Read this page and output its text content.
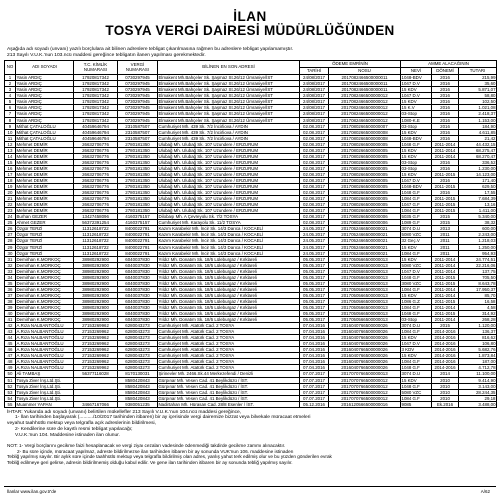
İLAN
TOSYA VERGİ DAİRESİ MÜDÜRLÜĞÜNDEN
Aşağıda adı soyadı (unvanı) yazılı borçlulara ait bilinen adreslere tebligat çıkarılmasına rağmen bu adreslere tebligat yapılamamıştır.
213 Sayılı V.U.K.'nun 103.ncü maddesi gereğince tebligatın ilanen yapılması gerekmektedir.
NO	ADI SOYADI	T.C. KİMLİK NUMARASI	VERGİ NUMARASI	BİLİNEN EN SON ADRESİ	ÖDEME EMRİNİN		AMME ALACAĞININ		
					TARİHİ	NOSU	NEVİ	DÖNEMİ	TUTARI
1	Yasin ARDIÇ	17920817342	0730297945	Elmakent Mh.Bahçeler Sk. Şaşmaz St.26/12 Ümraniye/İST	24/08/2017	2017082466500000011	1048-BDV	2016	215,99
2	Yasin ARDIÇ	17920817342	0730297945	Elmakent Mh.Bahçeler Sk. Şaşmaz St.26/12 Ümraniye/İST	24/08/2017	2017082466500000011	1047 D.V	2016	35,60
3	Yasin ARDIÇ	17920817342	0730297945	Elmakent Mh.Bahçeler Sk. Şaşmaz St.26/12 Ümraniye/İST	24/08/2017	2017082466500000011	15 KDV	2016	5.871,07
4	Yasin ARDIÇ	17920817342	0730297945	Elmakent Mh.Bahçeler Sk. Şaşmaz St.26/12 Ümraniye/İST	24/08/2017	2017082466500000012	1047 D.V	2016	58,80
5	Yasin ARDIÇ	17920817342	0730297945	Elmakent Mh.Bahçeler Sk. Şaşmaz St.26/12 Ümraniye/İST	24/08/2017	2017082466500000012	15 KDV	2016	102,50
6	Yasin ARDIÇ	17920817342	0730297945	Elmakent Mh.Bahçeler Sk. Şaşmaz St.26/12 Ümraniye/İST	24/08/2017	2017082466500000012	15 K.V	2016	1.021,08
7	Yasin ARDIÇ	17920817342	0730297945	Elmakent Mh.Bahçeler Sk. Şaşmaz St.26/12 Ümraniye/İST	24/08/2017	2017082466500000012	03-Stop	2016	2.418,37
8	Yasin ARDIÇ	17920817342	0730297945	Elmakent Mh.Bahçeler Sk. Şaşmaz St.26/12 Ümraniye/İST	24/08/2017	2017082466500000012	1080-K.E	2016	1.153,00
9	Mithat ÇATALOĞLU	40459646794	2310587507	Cumhuriyet Mh. 439 Sk. 7/2 İncirliova / AYDIN	02.08.2017	2017080266500000007	03-Stop	2016	184,90
10	Mithat ÇATALOĞLU	40459646794	2310587507	Cumhuriyet Mh. 439 Sk. 7/2 İncirliova / AYDIN	02.08.2017	2017080266500000008	15 KDV	2016	4.611,85
11	Mithat ÇATALOĞLU	40459646794	2310587507	Cumhuriyet Mh. 439 Sk. 7/2 İncirliova / AYDIN	02.08.2017	2017080266500000008	1048-BDV	2016	21,42
12	Mehmet DEMİR	26632706776	2780181350	Ulubağ Mh. Ulubağ Sk. 107 Uzundere / ERZURUM	02.08.2017	2017080266500000005	1048 G.F	2011-2014	44.432,15
13	Mehmet DEMİR	26632706776	2780181350	Ulubağ Mh. Ulubağ Sk. 107 Uzundere / ERZURUM	02.08.2017	2017080266500000005	15 KDV	2011-2014	68.275,47
14	Mehmet DEMİR	26632706776	2780181350	Ulubağ Mh. Ulubağ Sk. 107 Uzundere / ERZURUM	02.08.2017	2017080266500000005	15 KDV	2011-2014	68.270,47
15	Mehmet DEMİR	26632706776	2780181350	Ulubağ Mh. Ulubağ Sk. 107 Uzundere / ERZURUM	02.08.2017	2017080266500000005	03-Stop	2016	336,52
16	Mehmet DEMİR	26632706776	2780181350	Ulubağ Mh. Ulubağ Sk. 107 Uzundere / ERZURUM	02.08.2017	2017080266500000005	03-Stop	2016	1.230,00
17	Mehmet DEMİR	26632706776	2780181350	Ulubağ Mh. Ulubağ Sk. 107 Uzundere / ERZURUM	02.08.2017	2017080266500000005	15 KDV	2011-2015	14.123,00
18	Mehmet DEMİR	26632706776	2780181350	Ulubağ Mh. Ulubağ Sk. 107 Uzundere / ERZURUM	02.08.2017	2017080266500000005	1047 D.V	2016	171,40
19	Mehmet DEMİR	26632706776	2780181350	Ulubağ Mh. Ulubağ Sk. 107 Uzundere / ERZURUM	02.08.2017	2017080266500000005	1048-BDV	2011-2015	629,50
20	Mehmet DEMİR	26632706776	2780181350	Ulubağ Mh. Ulubağ Sk. 107 Uzundere / ERZURUM	02.08.2017	2017080266500000005	1048 G.F	2016	17,55
21	Mehmet DEMİR	26632706776	2780181350	Ulubağ Mh. Ulubağ Sk. 107 Uzundere / ERZURUM	02.08.2017	2017080266500000005	1084 G.F	2011-2015	7.684,39
22	Mehmet DEMİR	26632706776	2780181350	Ulubağ Mh. Ulubağ Sk. 107 Uzundere / ERZURUM	02.08.2017	2017080266500000005	1047 G.F	2011-2015	13,16
23	Mehmet DEMİR	26632706776	2780181350	Ulubağ Mh. Ulubağ Sk. 107 Uzundere / ERZURUM	02.08.2017	2017080266500000005	1084 G.F	2011-2015	1.411,00
24	Burhan GEZER	13427458096	4160375157	Dilobaşı Mh. A Çevreyolu Sk. 7/2 TOSYA	02.08.2017	2017080266500000006	5035 G.F	2015	5.340,00
25	Ahmet GEZER	56372391254	4160375157	Cumhuriyet Mh. Karayolu Sk. 11/2 TOSYA	02.08.2017	2017080266500000006	1089 G.F	2015	38,32
26	Özgür TERZİ	11312618722	8400022791	Kazım Karabekir Mh. İncir Sk. 14/3 Darıca / KOCAELİ	24.05.2017	2017052466500000021	3074 D.U	2013	600,00
27	Özgür TERZİ	11312618722	8400022791	Kazım Karabekir Mh. İncir Sk. 14/3 Darıca / KOCAELİ	24.05.2017	2017052466500000021	5080 VZC	2011	2.243,00
28	Özgür TERZİ	11312618722	8400022791	Kazım Karabekir Mh. İncir Sk. 14/3 Darıca / KOCAELİ	24.05.2017	2017052466500000021	32 Geç.V	2011	1.218,03
29	Özgür TERZİ	11312618722	8400022791	Kazım Karabekir Mh. İncir Sk. 14/3 Darıca / KOCAELİ	24.05.2017	2017052466500000021	15 KDV	2011	1.250,00
30	Özgür TERZİ	11312618722	8400022791	Kazım Karabekir Mh. İncir Sk. 14/3 Darıca / KOCAELİ	24.05.2017	2017052466500000021	1084 G.F	2011	954,93
31	Demirhan K.MORKOÇ	38980292900	6040037830	Yıldız Mh. Donatım Sk. 18/5 Lüleburgaz / Kırklareli	05.05.2017	2017050566500000013	15 KDV	2011-2014	24.774,51
32	Demirhan K.MORKOÇ	38980292900	6040037830	Yıldız Mh. Donatım Sk. 18/5 Lüleburgaz / Kırklareli	05.05.2017	2017050566500000013	5080 VZC	2011-2014	22.216,06
33	Demirhan K.MORKOÇ	38980292900	6040037830	Yıldız Mh. Donatım Sk. 18/5 Lüleburgaz / Kırklareli	05.05.2017	2017050566500000013	1047 D.V	2011-2014	137,75
34	Demirhan K.MORKOÇ	38980292900	6040037830	Yıldız Mh. Donatım Sk. 18/5 Lüleburgaz / Kırklareli	05.05.2017	2017050566500000013	1048 G.F	2011-2015	705,50
35	Demirhan K.MORKOÇ	38980292900	6040037830	Yıldız Mh. Donatım Sk. 18/5 Lüleburgaz / Kırklareli	05.05.2017	2017050566500000013	3080 VZC	2011-2015	8.643,78
36	Demirhan K.MORKOÇ	38980292900	6040037830	Yıldız Mh. Donatım Sk. 18/5 Lüleburgaz / Kırklareli	05.05.2017	2017050566500000013	1084 G.F	2011-2014	17.950,37
37	Demirhan K.MORKOÇ	38980292900	6040037830	Yıldız Mh. Donatım Sk. 18/5 Lüleburgaz / Kırklareli	05.05.2017	2017050566500000013	15 KDV	2011-2014	85,70
38	Demirhan K.MORKOÇ	38980292900	6040037830	Yıldız Mh. Donatım Sk. 18/5 Lüleburgaz / Kırklareli	05.05.2017	2017050566500000013	1086 G.Z	2011-2015	16,58
39	Demirhan K.MORKOÇ	38980292900	6040037830	Yıldız Mh. Donatım Sk. 18/5 Lüleburgaz / Kırklareli	05.05.2017	2017050566500000013	1084 G.F	2011-2014	4,58
40	Demirhan K.MORKOÇ	38980292900	6040037830	Yıldız Mh. Donatım Sk. 18/5 Lüleburgaz / Kırklareli	05.05.2017	2017050566500000013	1048 G.F	2011-2015	314,92
41	Demirhan K.MORKOÇ	38980292900	6040037830	Yıldız Mh. Donatım Sk. 18/5 Lüleburgaz / Kırklareli	05.05.2017	2017050566500000013	03-Stop	2011-2014	268,28
42	A.Rıza NALBANTOĞLU	27153269962	6280043273	Cumhuriyet Mh. Atatürk Cad. 2 TOSYA	07.04.2016	2016040766500000026	3074 D.U	2015	1.120,00
43	A.Rıza NALBANTOĞLU	27153269962	6280043273	Cumhuriyet Mh. Atatürk Cad. 2 TOSYA	07.04.2016	2016040766500000026	1084 G.F	2014-2016	136,37
44	A.Rıza NALBANTOĞLU	27153269962	6280043273	Cumhuriyet Mh. Atatürk Cad. 2 TOSYA	07.04.2016	2016040766500000026	15 KDV	2014-2016	816,62
45	A.Rıza NALBANTOĞLU	27153269962	6280043273	Cumhuriyet Mh. Atatürk Cad. 2 TOSYA	07.04.2016	2016040766500000026	1047 D.V	2014-2016	106,80
46	A.Rıza NALBANTOĞLU	27153269962	6280043273	Cumhuriyet Mh. Atatürk Cad. 2 TOSYA	07.04.2016	2016040766500000026	3 KDV	2014-2016	5.682,76
47	A.Rıza NALBANTOĞLU	27153269962	6280043273	Cumhuriyet Mh. Atatürk Cad. 2 TOSYA	07.04.2016	2016040766500000026	15 KDV	2014-2016	1.873,84
48	A.Rıza NALBANTOĞLU	27153269962	6280043273	Cumhuriyet Mh. Atatürk Cad. 2 TOSYA	07.04.2016	2016040766500000026	1084 G.F	2014-2016	187,00
49	A.Rıza NALBANTOĞLU	27153269962	6280043273	Cumhuriyet Mh. Atatürk Cad. 2 TOSYA	07.04.2016	2016040766500000026	1048 G.F	2014-2016	4.712,78
50	Ali TAMBAŞ	56377116028	8170130031	Şirinevler Mh. 2466.Sk.44 Merkezefendi / Denizli	07.07.2017	2017070766500000013	3074 D.U	2014	11.100,00
51	Tosya Ziver İnş.Ltd.Şti.		8580420843	Gürpınar Mh. Vesen Cad. 41 Beylikdüzü / İST.	07.07.2017	2017070766500000012	15 KDV	2010	9.414,90
52	Tosya Ziver İnş.Ltd.Şti.		8580420843	Gürpınar Mh. Vesen Cad. 41 Beylikdüzü / İST.	07.07.2017	2017070766500000012	1048 G.F	2010	3.143,00
53	Tosya Ziver İnş.Ltd.Şti.		8580420843	Gürpınar Mh. Vesen Cad. 41 Beylikdüzü / İST.	07.07.2017	2017070766500000012	5080 VZC	2010	28.244,35
54	Tosya Ziver İnş.Ltd.Şti.		8580420843	Gürpınar Mh. Vesen Cad. 41 Beylikdüzü / İST.	07.07.2017	2017070766500000012	1084 G.F	2010	29,18
55	Muammer YAPAN	34667167066	9380051235	Nadirtahan Mh. Hürasan Cad. 28/8 Esenler / İST.	05.12.2016	2016120566500000016	9085	Ek.2016	3.488,00
İHTAR: Yukarıda adı soyadı (unvanı) belirtilen mükellefler 213 Sayılı V.U.K.'nun 104.ncü maddesi gereğince,
1- İlan tarihinden başlayarak (........../10/2017 tarihinden itibaren) bir ay içerisinde vergi dairemize bizzat veya bilvekale müracaat etmeleri
veyahut taahhütlü mektup veya telgrafla açık adreslerinin bildirilmesi,
2- Kendilerine süre de kayıtlı resmi tebligat yapılacağı;
V.U.K.'nun 104. Maddesine istinaden ilan olunur.
NOT: 1- Vergi borçlarını gecikme faizi hesaplanacak ve vergi ziyaı cezaları vadesinde ödenmediği takdirde gecikme zammı alınacaktır.
2- Bu süre içinde, müracaat yapılmaz, adreste bildirilmezse ilan tarihinden itibaren bir ay sonunda VUK'nun 106. maddesine istinaden
Tebliğ yapılmış sayılır. Bir aylık süre içinde taahhütlü mektup veya telgrafla bildirilmiş olan adres, yanlış yahut terk edilmiş olur ve bu yüzden gönderilen evrak
Tebliğ edilmeye geri gelirse, adresin bildirilmemiş olduğu kabul edilir. Ve gene ilan tarihinden itibaren bir ay sonunda tebliğ yapılmış sayılır.
İlanlar www.ilan.gov.tr'de	A/62
